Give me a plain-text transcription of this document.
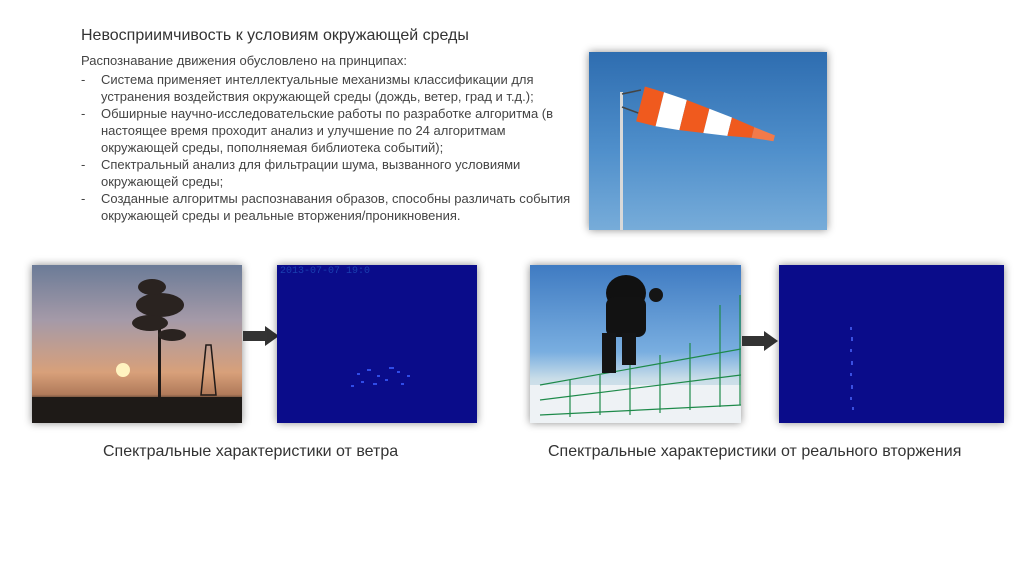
Невосприимчивость к условиям окружающей среды
Распознавание движения обусловлено на принципах:
- Система применяет интеллектуальные механизмы классификации для устранения воздействия окружающей среды (дождь, ветер, град и т.д.);
- Обширные научно-исследовательские работы по разработке алгоритма (в настоящее время проходит анализ и улучшение по 24 алгоритмам окружающей среды, пополняемая библиотека событий);
- Спектральный анализ для фильтрации шума, вызванного условиями окружающей среды;
- Созданные алгоритмы распознавания образов, способны различать события окружающей среды и реальные вторжения/проникновения.
2013-07-07 19:0
Спектральные характеристики от ветра	Спектральные характеристики от реального вторжения
